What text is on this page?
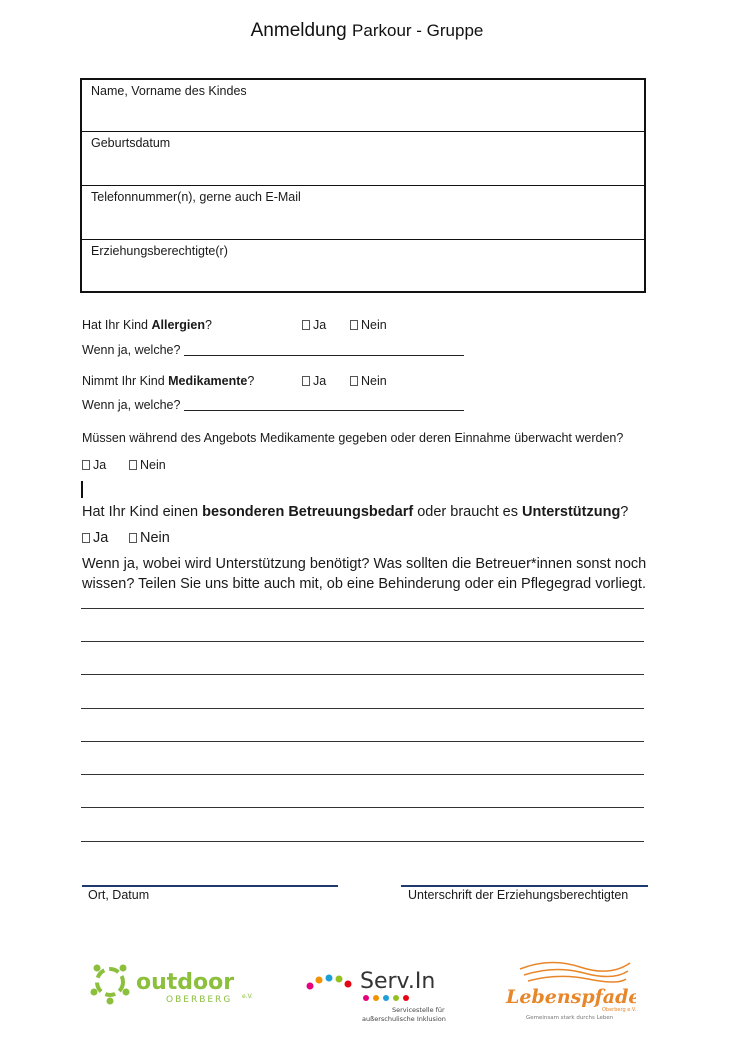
Anmeldung Parkour - Gruppe
Name, Vorname des Kindes
Geburtsdatum
Telefonnummer(n), gerne auch E-Mail
Erziehungsberechtigte(r)
Hat Ihr Kind Allergien?	Ja	Nein
Wenn ja, welche?
Nimmt Ihr Kind Medikamente?	Ja	Nein
Wenn ja, welche?
Müssen während des Angebots Medikamente gegeben oder deren Einnahme überwacht werden?
Ja	Nein
Hat Ihr Kind einen besonderen Betreuungsbedarf oder braucht es Unterstützung?
Ja	Nein
Wenn ja, wobei wird Unterstützung benötigt? Was sollten die Betreuer*innen sonst noch
wissen? Teilen Sie uns bitte auch mit, ob eine Behinderung oder ein Pflegegrad vorliegt.
Ort, Datum	Unterschrift der Erziehungsberechtigten
outdoor
OBERBERG e.V.
Serv.In
Servicestelle für
außerschulische Inklusion
Lebenspfade
Oberberg e.V.
Gemeinsam stark durchs Leben
